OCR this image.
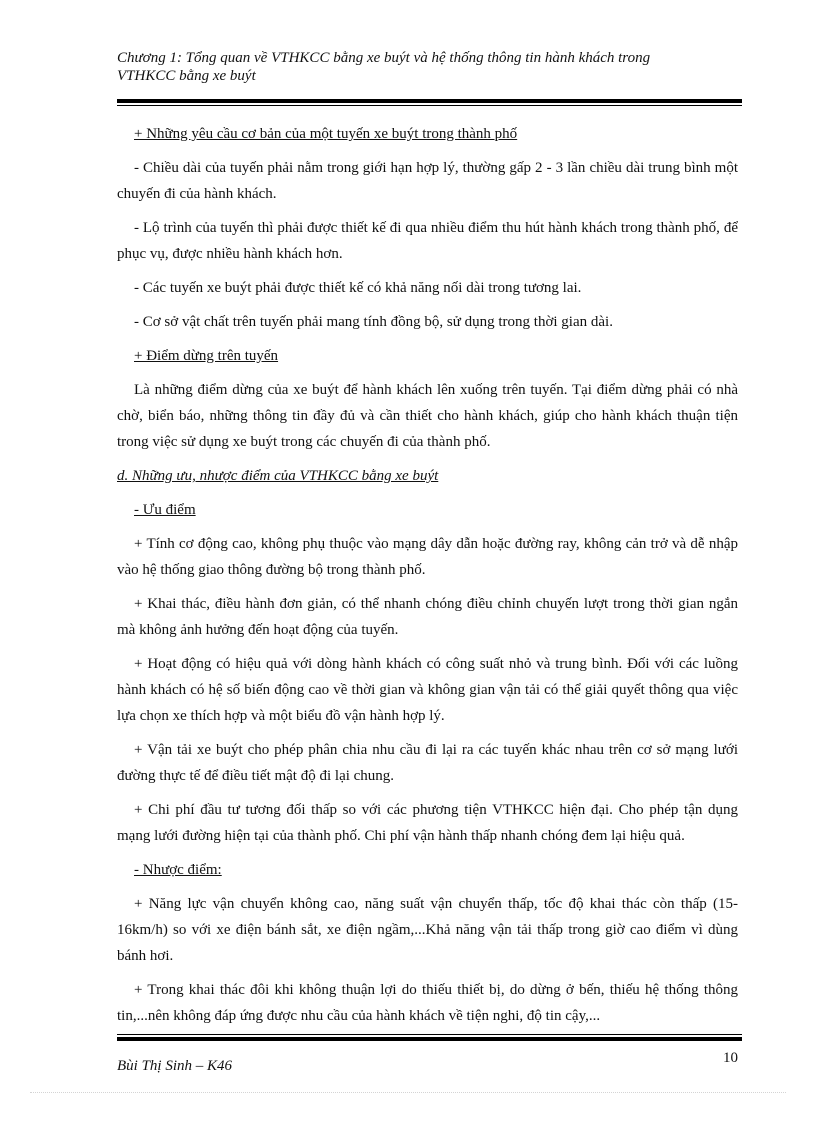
Chương 1: Tổng quan về VTHKCC bằng xe buýt và hệ thống thông tin hành khách trong
VTHKCC bằng xe buýt

+ Những yêu cầu cơ bản của một tuyến xe buýt trong thành phố

- Chiều dài của tuyến phải nằm trong giới hạn hợp lý, thường gấp 2 - 3 lần chiều dài trung bình một chuyến đi của hành khách.

- Lộ trình của tuyến thì phải được thiết kế đi qua nhiều điểm thu hút hành khách trong thành phố, để phục vụ, được nhiều hành khách hơn.

- Các tuyến xe buýt phải được thiết kế có khả năng nối dài trong tương lai.

- Cơ sở vật chất trên tuyến phải mang tính đồng bộ, sử dụng trong thời gian dài.

+ Điểm dừng trên tuyến

Là những điểm dừng của xe buýt để hành khách lên xuống trên tuyến. Tại điểm dừng phải có nhà chờ, biển báo, những thông tin đầy đủ và cần thiết cho hành khách, giúp cho hành khách thuận tiện trong việc sử dụng xe buýt trong các chuyến đi của thành phố.

d. Những ưu, nhược điểm của VTHKCC bằng xe buýt

- Ưu điểm

+ Tính cơ động cao, không phụ thuộc vào mạng dây dẫn hoặc đường ray, không cản trở và dễ nhập vào hệ thống giao thông đường bộ trong thành phố.

+ Khai thác, điều hành đơn giản, có thể nhanh chóng điều chỉnh chuyến lượt trong thời gian ngắn mà không ảnh hưởng đến hoạt động của tuyến.

+ Hoạt động có hiệu quả với dòng hành khách có công suất nhỏ và trung bình. Đối với các luồng hành khách có hệ số biến động cao về thời gian và không gian vận tải có thể giải quyết thông qua việc lựa chọn xe thích hợp và một biểu đồ vận hành hợp lý.

+ Vận tải xe buýt cho phép phân chia nhu cầu đi lại ra các tuyến khác nhau trên cơ sở mạng lưới đường thực tế để điều tiết mật độ đi lại chung.

+ Chi phí đầu tư tương đối thấp so với các phương tiện VTHKCC hiện đại. Cho phép tận dụng mạng lưới đường hiện tại của thành phố. Chi phí vận hành thấp nhanh chóng đem lại hiệu quả.

- Nhược điểm:

+ Năng lực vận chuyển không cao, năng suất vận chuyển thấp, tốc độ khai thác còn thấp (15-16km/h) so với xe điện bánh sắt, xe điện ngầm,...Khả năng vận tải thấp trong giờ cao điểm vì dùng bánh hơi.

+ Trong khai thác đôi khi không thuận lợi do thiếu thiết bị, do dừng ở bến, thiếu hệ thống thông tin,...nên không đáp ứng được nhu cầu của hành khách về tiện nghi, độ tin cậy,...

Bùi Thị Sinh – K46	10
